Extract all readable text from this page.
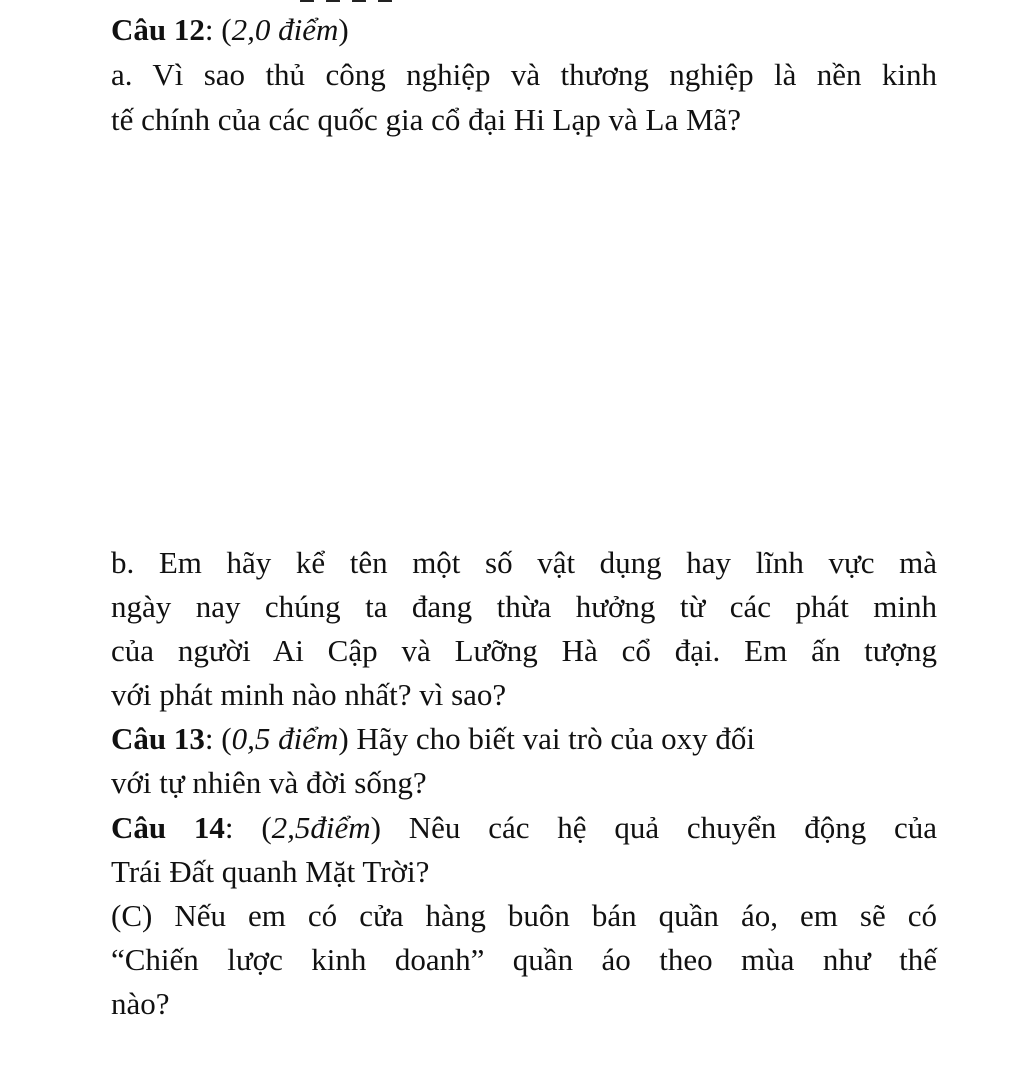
Câu 12: (2,0 điểm)
a. Vì sao thủ công nghiệp và thương nghiệp là nền kinh
tế chính của các quốc gia cổ đại Hi Lạp và La Mã?
b. Em hãy kể tên một số vật dụng hay lĩnh vực mà
ngày nay chúng ta đang thừa hưởng từ các phát minh
của người Ai Cập và Lưỡng Hà cổ đại. Em ấn tượng
với phát minh nào nhất? vì sao?
Câu 13: (0,5 điểm) Hãy cho biết vai trò của oxy đối
với tự nhiên và đời sống?
Câu 14: (2,5điểm) Nêu các hệ quả chuyển động của
Trái Đất quanh Mặt Trời?
(C) Nếu em có cửa hàng buôn bán quần áo, em sẽ có
“Chiến lược kinh doanh” quần áo theo mùa như thế
nào?
